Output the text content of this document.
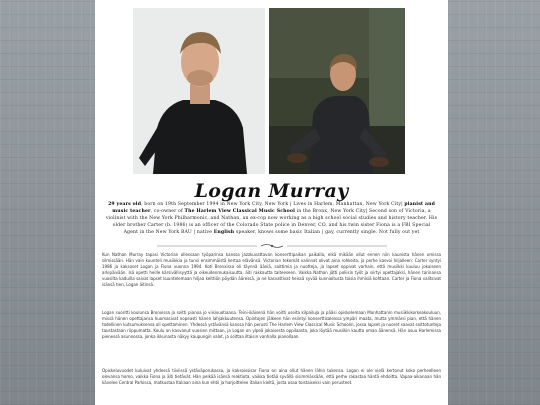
Logan Murray
29 years old, born on 19th September 1994 in New York City, New York | Lives in Harlem, Manhattan, New York City| pianist and music teacher, co-owner of The Harlem View Classical Music School in the Bronx, New York City| Second son of Victoria, a violinist with the New York Philharmonic, and Nathan, an ex-cop now working as a high school social studies and history teacher. His older brother Carter (b. 1986) is an officer of the Colorado State police in Denver, CO, and his twin sister Fiona is a FBI Special Agent in the New York BAU | native English speaker, knows some basic Italian | gay, currently single. Not fully out yet

Kun Nathan Murray tapasi Victorian ollessaan työparinsa kanssa jazzkuvattavan konserttipaikan paikalla, eikä mikään ollut ennen niin kaunista hänen omissa silmissään. Hän vain kuunteli musiikkia ja tunsi ensimmäistä kertaa elävänsä. Victorian tekemät valinnat olivat aina rohkeita, ja perhe kasvoi hiljalleen: Carter syntyi 1986 ja kaksoset Logan ja Fiona vuonna 1994. Koti Bronxissa oli täynnä ääniä, soittimia ja nuotteja, ja lapset oppivat varhain, että musiikki kuuluu jokaiseen arkipäivään. Isä opetti heille kärsivällisyyttä ja oikeudenmukaisuutta, äiti rakkautta taiteeseen. Vaikka Nathan jätti poliisin työt ja siirtyi opettajaksi, hänen tarinansa vuosilta kaduilla saivat lapset kuuntelemaan hiljaa keittiön pöydän ääressä, ja ne kasvattivat heissä syvää kunnioitusta toisia ihmisiä kohtaan. Carter ja Fiona valitsivat isänsä tien, Logan äitinsä.

Logan suoritti koulunsa Bronxissa ja soitti pianoa jo viisivuotiaana. Teini-ikäisenä hän voitti useita kilpailuja ja pääsi opiskelemaan Manhattanin musiikkikorkeakouluun, missä hänen opettajansa huomasivat nopeasti hänen lahjakkuutensa. Opintojen jälkeen hän esiintyi konserttisaleissa ympäri maata, mutta ymmärsi pian, että hänen todellinen kutsumuksensa oli opettaminen. Yhdessä ystävänsä kanssa hän perusti The Harlem View Classical Music Schoolin, jossa lapset ja nuoret saavat soittotunteja taustastaan riippumatta. Koulu on kasvanut vuosien mittaan, ja Logan on ylpeä jokaisesta oppilaasta, joka löytää musiikin kautta oman äänensä. Hän asuu Harlemissa pienessä asunnossa, jonka ikkunasta näkyy kaupungin valot, ja soittaa iltaisin vanhalla pianollaan.

Opiskeluvuodet kuluivat yhdessä tiiviissä ystäväporukassa, ja kaksoissisar Fiona on aina ollut hänen lähin tukensa. Logan ei ole vielä kertonut koko perheelleen olevansa homo, vaikka Fiona ja äiti tietävät. Hän pelkää isänsä reaktiota, vaikka tietää syvällä sisimmässään, että perhe rakastaa häntä ehdoitta. Vapaa-aikanaan hän kävelee Central Parkissa, matkustaa Italiaan aina kun ehtii ja harjoittelee italian kieltä, josta osaa toistaiseksi vain perusteet.
